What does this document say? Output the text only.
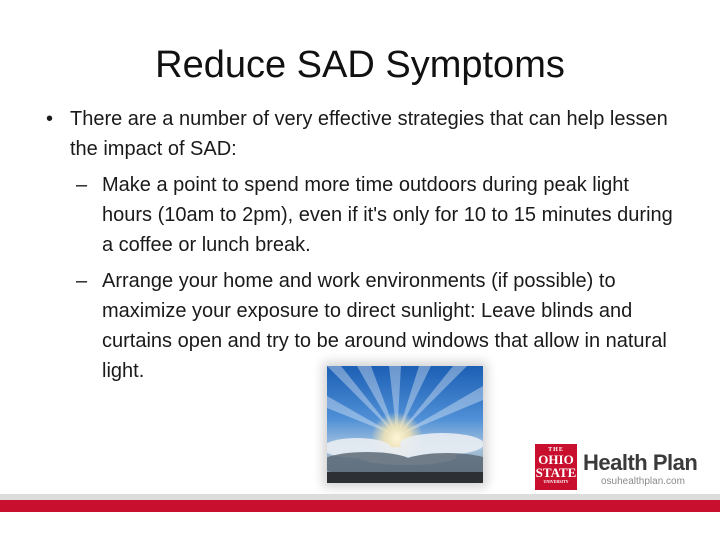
Reduce SAD Symptoms

• There are a number of very effective strategies that can help lessen the impact of SAD:

– Make a point to spend more time outdoors during peak light hours (10am to 2pm), even if it's only for 10 to 15 minutes during a coffee or lunch break.

– Arrange your home and work environments (if possible) to maximize your exposure to direct sunlight: Leave blinds and curtains open and try to be around windows that allow in natural light.

THE
OHIO
STATE
UNIVERSITY
Health Plan
osuhealthplan.com
